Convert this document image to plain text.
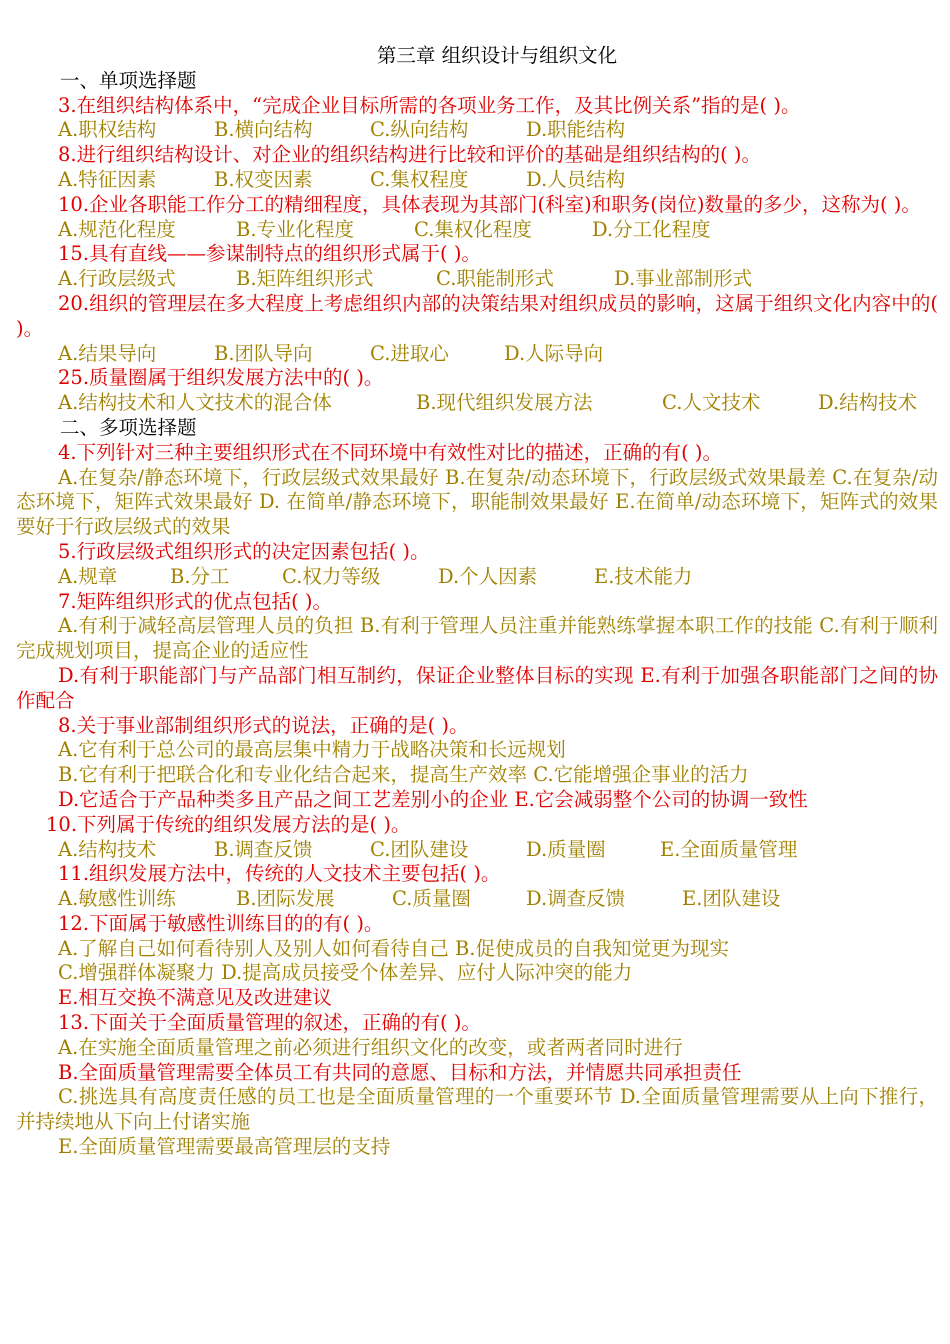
第三章 组织设计与组织文化
一、单项选择题
3.在组织结构体系中，“完成企业目标所需的各项业务工作，及其比例关系”指的是( )。
A.职权结构	B.横向结构	C.纵向结构	D.职能结构
8.进行组织结构设计、对企业的组织结构进行比较和评价的基础是组织结构的( )。
A.特征因素	B.权变因素	C.集权程度	D.人员结构
10.企业各职能工作分工的精细程度，具体表现为其部门(科室)和职务(岗位)数量的多少，这称为( )。
A.规范化程度	B.专业化程度	C.集权化程度	D.分工化程度
15.具有直线——参谋制特点的组织形式属于( )。
A.行政层级式	B.矩阵组织形式	C.职能制形式	D.事业部制形式
20.组织的管理层在多大程度上考虑组织内部的决策结果对组织成员的影响，这属于组织文化内容中的( )。
A.结果导向	B.团队导向	C.进取心	D.人际导向
25.质量圈属于组织发展方法中的( )。
A.结构技术和人文技术的混合体	B.现代组织发展方法	C.人文技术	D.结构技术
二、多项选择题
4.下列针对三种主要组织形式在不同环境中有效性对比的描述，正确的有( )。
A.在复杂/静态环境下，行政层级式效果最好 B.在复杂/动态环境下，行政层级式效果最差 C.在复杂/动态环境下，矩阵式效果最好 D. 在简单/静态环境下，职能制效果最好 E.在简单/动态环境下，矩阵式的效果要好于行政层级式的效果
5.行政层级式组织形式的决定因素包括( )。
A.规章	B.分工	C.权力等级	D.个人因素	E.技术能力
7.矩阵组织形式的优点包括( )。
A.有利于减轻高层管理人员的负担 B.有利于管理人员注重并能熟练掌握本职工作的技能 C.有利于顺利完成规划项目，提高企业的适应性
D.有利于职能部门与产品部门相互制约，保证企业整体目标的实现 E.有利于加强各职能部门之间的协作配合
8.关于事业部制组织形式的说法，正确的是( )。
A.它有利于总公司的最高层集中精力于战略决策和长远规划
B.它有利于把联合化和专业化结合起来，提高生产效率 C.它能增强企事业的活力
D.它适合于产品种类多且产品之间工艺差别小的企业 E.它会减弱整个公司的协调一致性
10.下列属于传统的组织发展方法的是( )。
A.结构技术	B.调查反馈	C.团队建设	D.质量圈	E.全面质量管理
11.组织发展方法中，传统的人文技术主要包括( )。
A.敏感性训练	B.团际发展	C.质量圈	D.调查反馈	E.团队建设
12.下面属于敏感性训练目的的有( )。
A.了解自己如何看待别人及别人如何看待自己 B.促使成员的自我知觉更为现实
C.增强群体凝聚力 D.提高成员接受个体差异、应付人际冲突的能力
E.相互交换不满意见及改进建议
13.下面关于全面质量管理的叙述，正确的有( )。
A.在实施全面质量管理之前必须进行组织文化的改变，或者两者同时进行
B.全面质量管理需要全体员工有共同的意愿、目标和方法，并情愿共同承担责任
C.挑选具有高度责任感的员工也是全面质量管理的一个重要环节 D.全面质量管理需要从上向下推行，并持续地从下向上付诸实施
E.全面质量管理需要最高管理层的支持
